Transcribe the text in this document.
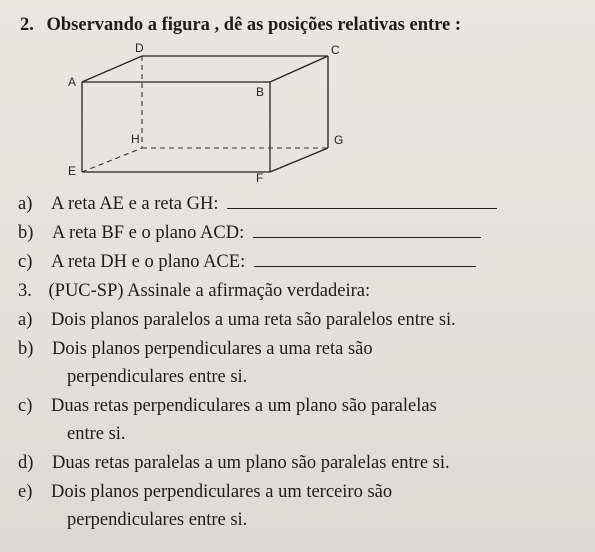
2. Observando a figura , dê as posições relativas entre :
D	C
A
B
H	G
E	F
a) A reta AE e a reta GH:
b) A reta BF e o plano ACD:
c) A reta DH e o plano ACE:
3. (PUC-SP) Assinale a afirmação verdadeira:
a) Dois planos paralelos a uma reta são paralelos entre si.
b) Dois planos perpendiculares a uma reta são
perpendiculares entre si.
c) Duas retas perpendiculares a um plano são paralelas
entre si.
d) Duas retas paralelas a um plano são paralelas entre si.
e) Dois planos perpendiculares a um terceiro são
perpendiculares entre si.
